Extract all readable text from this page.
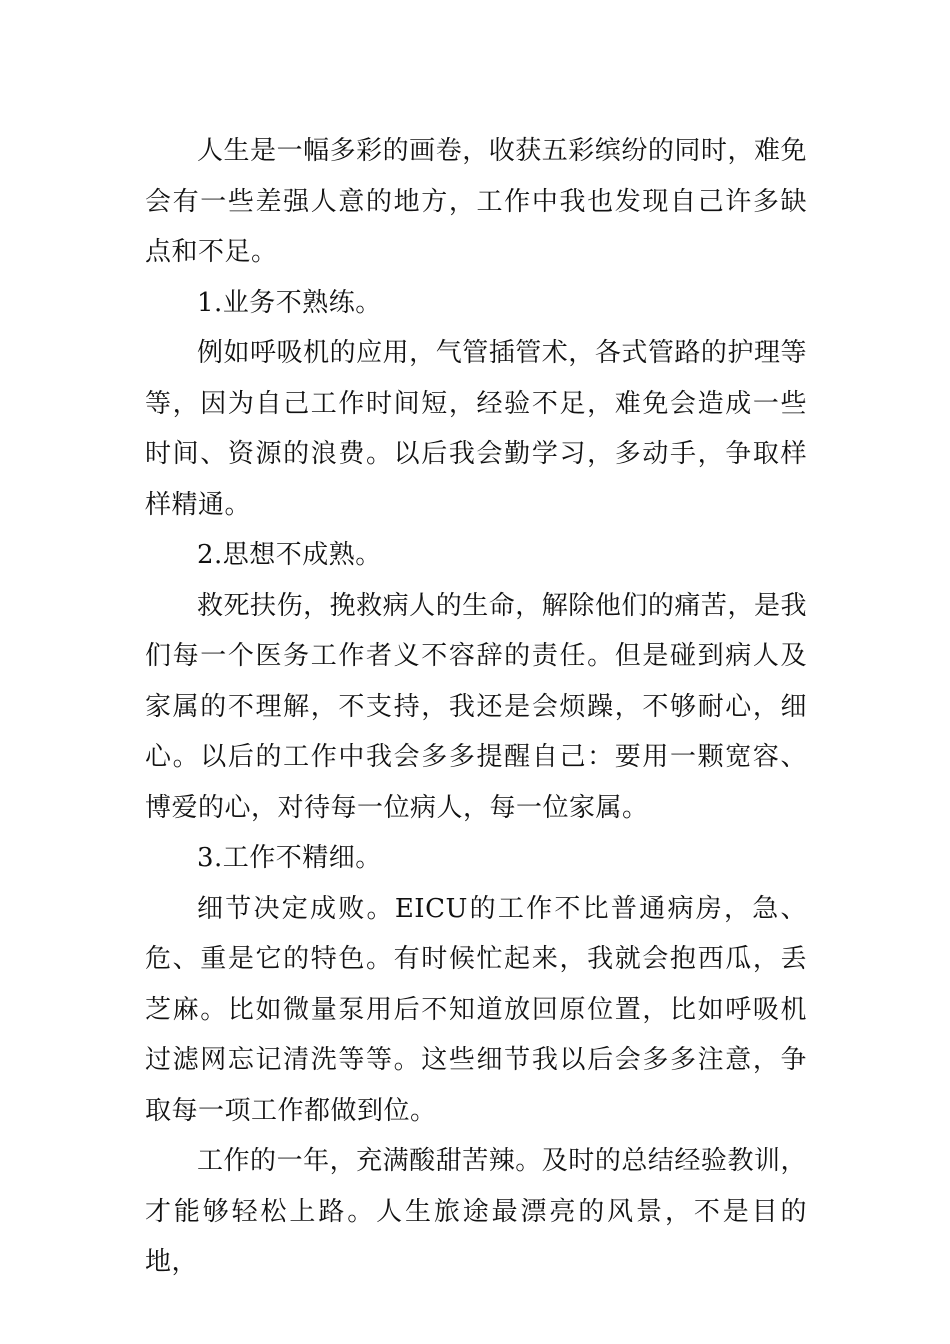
人生是一幅多彩的画卷，收获五彩缤纷的同时，难免会有一些差强人意的地方，工作中我也发现自己许多缺点和不足。

1.业务不熟练。

例如呼吸机的应用，气管插管术，各式管路的护理等等，因为自己工作时间短，经验不足，难免会造成一些时间、资源的浪费。以后我会勤学习，多动手，争取样样精通。

2.思想不成熟。

救死扶伤，挽救病人的生命，解除他们的痛苦，是我们每一个医务工作者义不容辞的责任。但是碰到病人及家属的不理解，不支持，我还是会烦躁，不够耐心，细心。以后的工作中我会多多提醒自己：要用一颗宽容、博爱的心，对待每一位病人，每一位家属。

3.工作不精细。

细节决定成败。EICU的工作不比普通病房，急、危、重是它的特色。有时候忙起来，我就会抱西瓜，丢芝麻。比如微量泵用后不知道放回原位置，比如呼吸机过滤网忘记清洗等等。这些细节我以后会多多注意，争取每一项工作都做到位。

工作的一年，充满酸甜苦辣。及时的总结经验教训，才能够轻松上路。人生旅途最漂亮的风景，不是目的地，
